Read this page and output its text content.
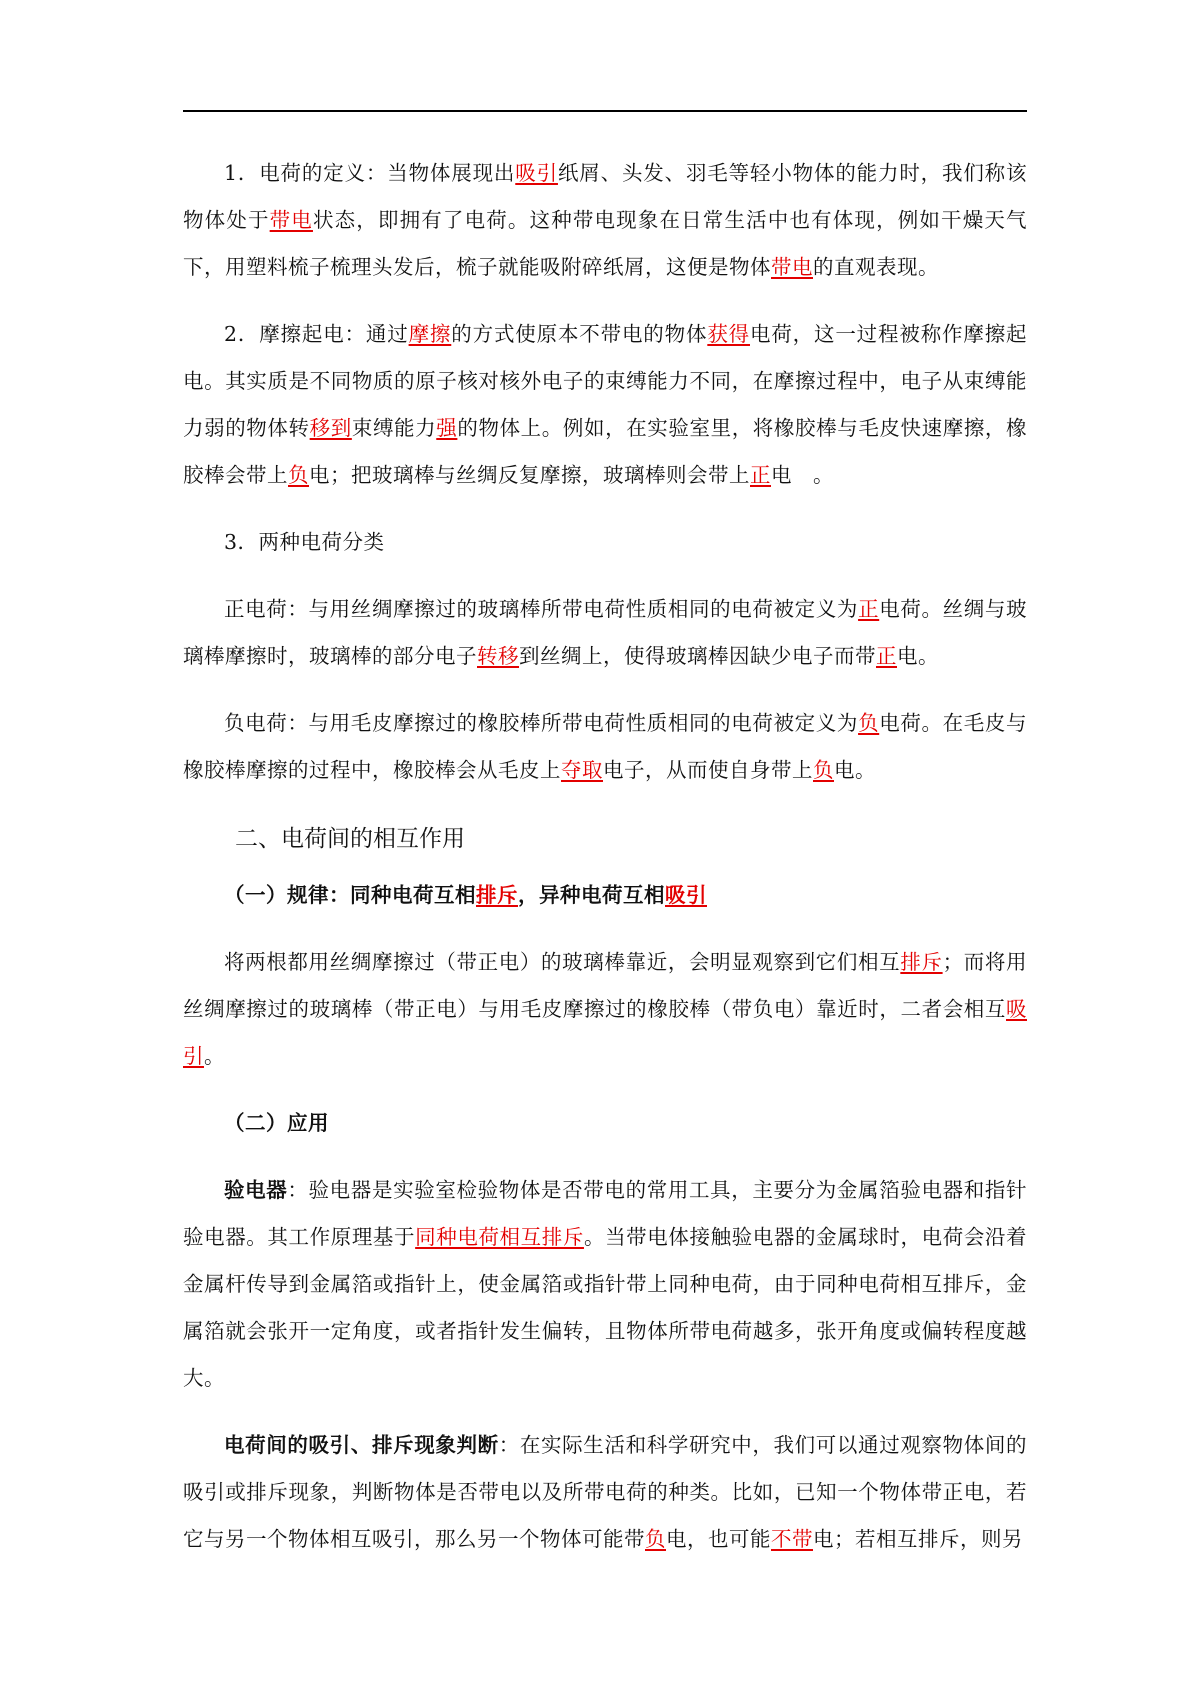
1．电荷的定义：当物体展现出吸引纸屑、头发、羽毛等轻小物体的能力时，我们称该物体处于带电状态，即拥有了电荷。这种带电现象在日常生活中也有体现，例如干燥天气下，用塑料梳子梳理头发后，梳子就能吸附碎纸屑，这便是物体带电的直观表现。

2．摩擦起电：通过摩擦的方式使原本不带电的物体获得电荷，这一过程被称作摩擦起电。其实质是不同物质的原子核对核外电子的束缚能力不同，在摩擦过程中，电子从束缚能力弱的物体转移到束缚能力强的物体上。例如，在实验室里，将橡胶棒与毛皮快速摩擦，橡胶棒会带上负电；把玻璃棒与丝绸反复摩擦，玻璃棒则会带上正电　。

3．两种电荷分类

正电荷：与用丝绸摩擦过的玻璃棒所带电荷性质相同的电荷被定义为正电荷。丝绸与玻璃棒摩擦时，玻璃棒的部分电子转移到丝绸上，使得玻璃棒因缺少电子而带正电。

负电荷：与用毛皮摩擦过的橡胶棒所带电荷性质相同的电荷被定义为负电荷。在毛皮与橡胶棒摩擦的过程中，橡胶棒会从毛皮上夺取电子，从而使自身带上负电。

二、电荷间的相互作用

（一）规律：同种电荷互相排斥，异种电荷互相吸引

将两根都用丝绸摩擦过（带正电）的玻璃棒靠近，会明显观察到它们相互排斥；而将用丝绸摩擦过的玻璃棒（带正电）与用毛皮摩擦过的橡胶棒（带负电）靠近时，二者会相互吸引。

（二）应用

验电器：验电器是实验室检验物体是否带电的常用工具，主要分为金属箔验电器和指针验电器。其工作原理基于同种电荷相互排斥。当带电体接触验电器的金属球时，电荷会沿着金属杆传导到金属箔或指针上，使金属箔或指针带上同种电荷，由于同种电荷相互排斥，金属箔就会张开一定角度，或者指针发生偏转，且物体所带电荷越多，张开角度或偏转程度越大。

电荷间的吸引、排斥现象判断：在实际生活和科学研究中，我们可以通过观察物体间的吸引或排斥现象，判断物体是否带电以及所带电荷的种类。比如，已知一个物体带正电，若它与另一个物体相互吸引，那么另一个物体可能带负电，也可能不带电；若相互排斥，则另
